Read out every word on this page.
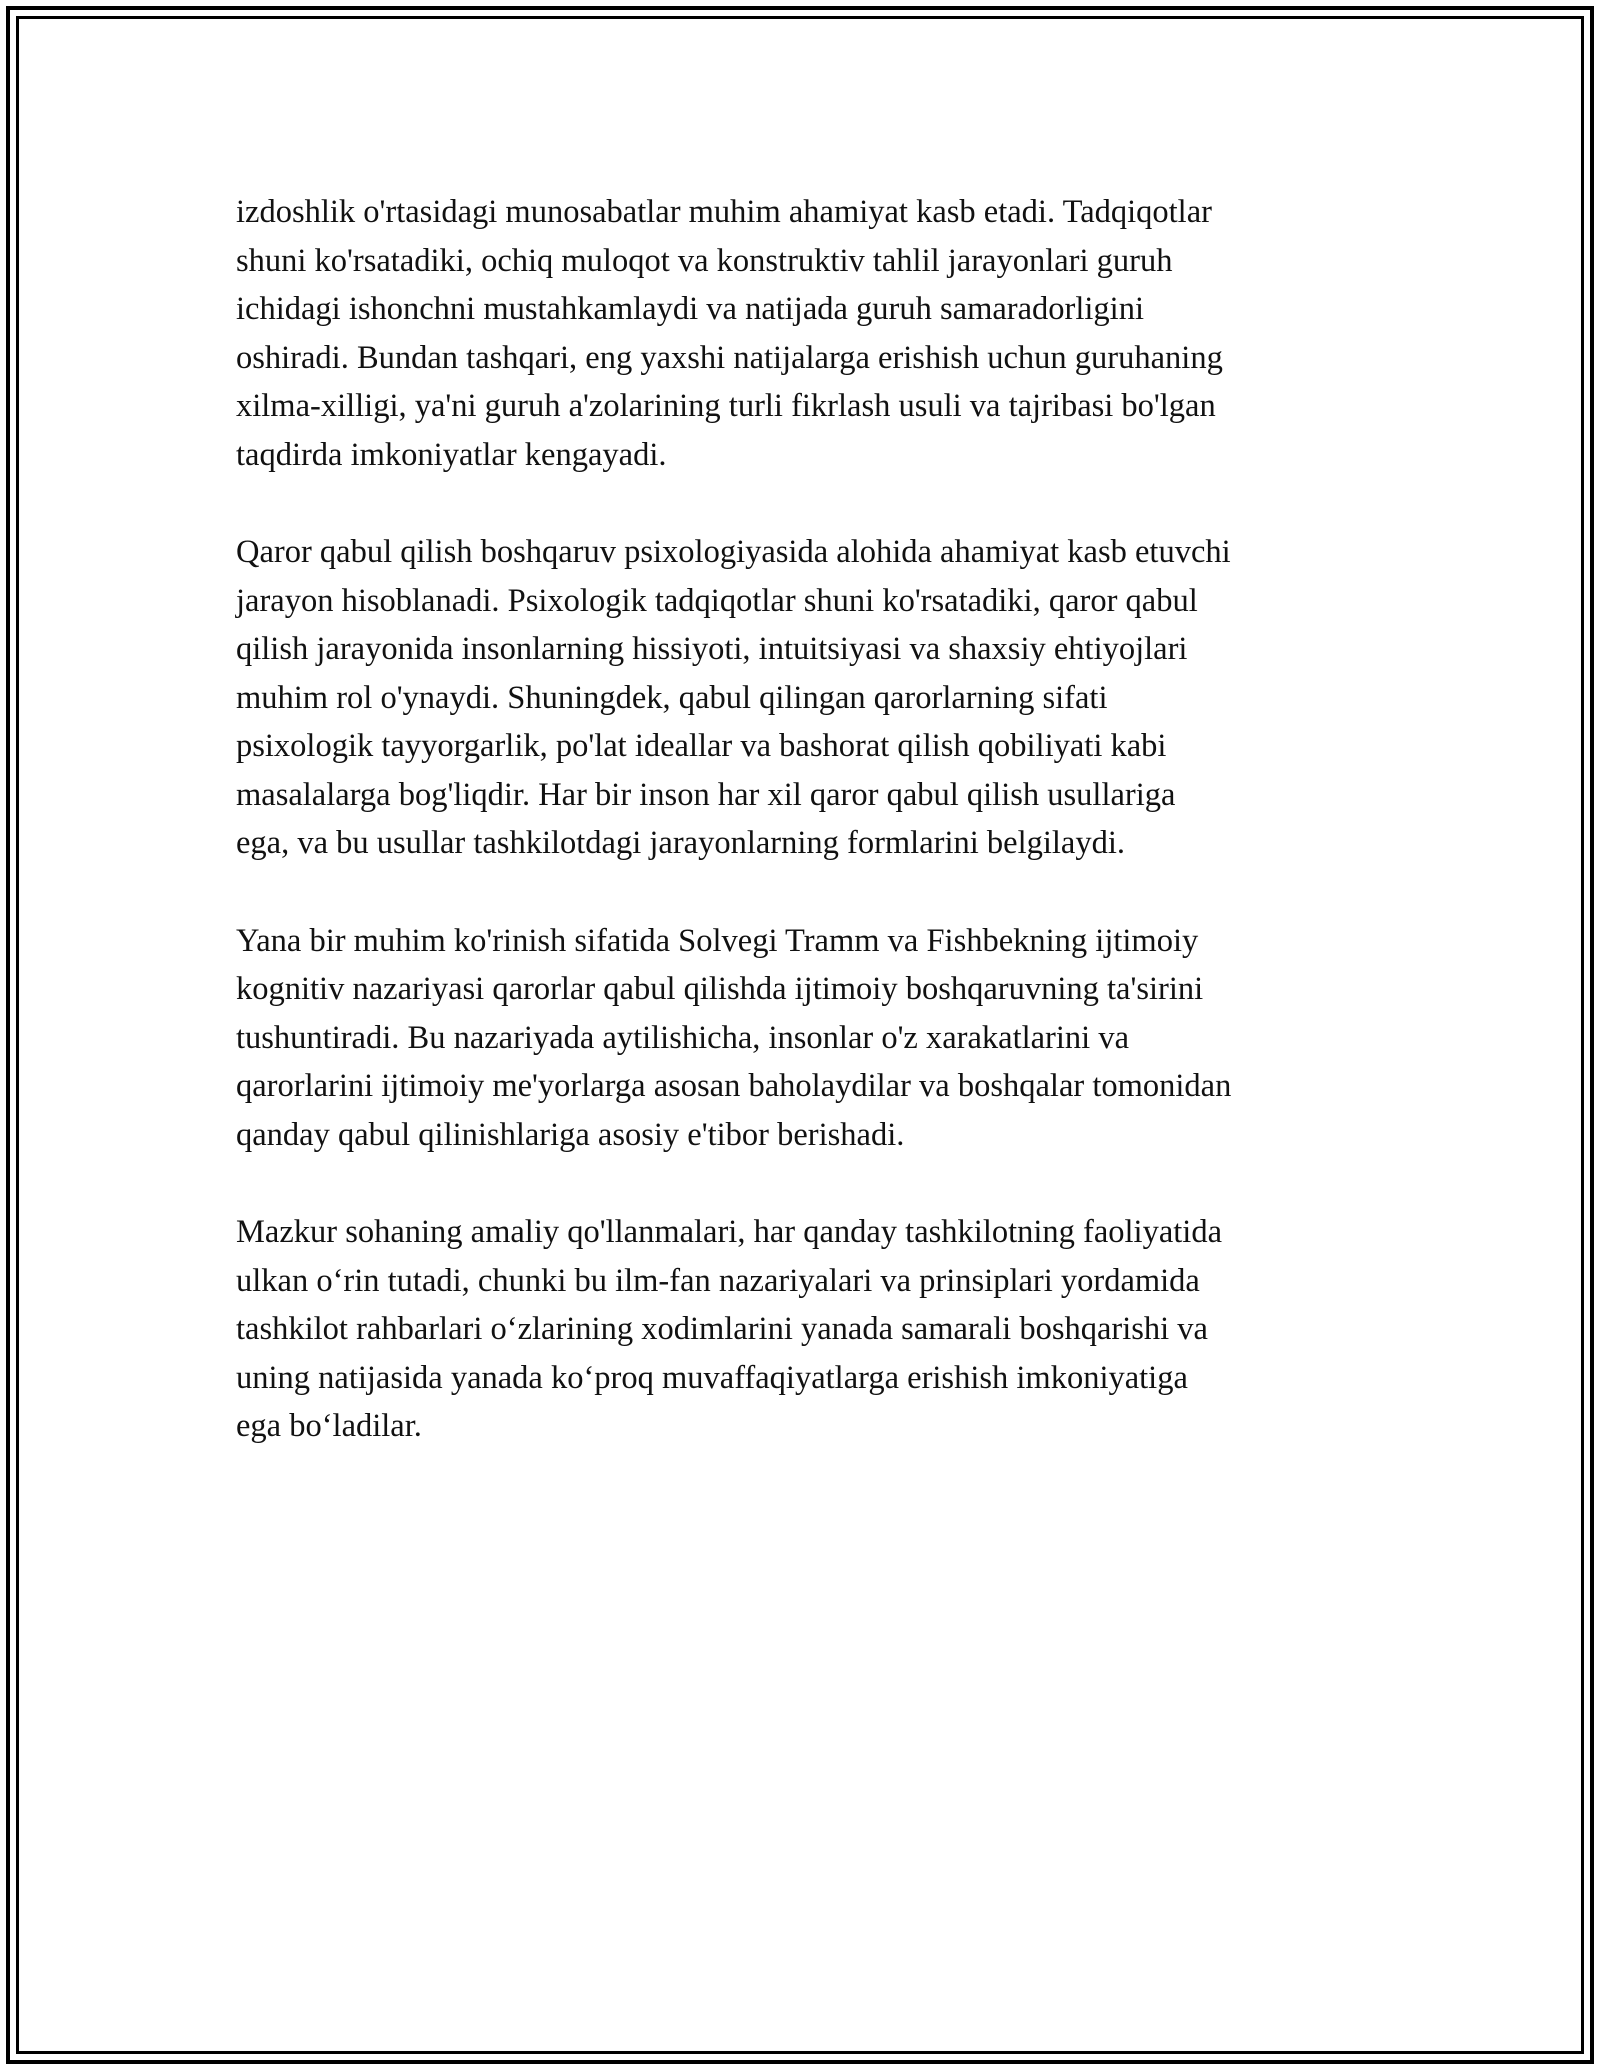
izdoshlik o'rtasidagi munosabatlar muhim ahamiyat kasb etadi. Tadqiqotlar
shuni ko'rsatadiki, ochiq muloqot va konstruktiv tahlil jarayonlari guruh
ichidagi ishonchni mustahkamlaydi va natijada guruh samaradorligini
oshiradi. Bundan tashqari, eng yaxshi natijalarga erishish uchun guruhaning
xilma-xilligi, ya'ni guruh a'zolarining turli fikrlash usuli va tajribasi bo'lgan
taqdirda imkoniyatlar kengayadi.

Qaror qabul qilish boshqaruv psixologiyasida alohida ahamiyat kasb etuvchi
jarayon hisoblanadi. Psixologik tadqiqotlar shuni ko'rsatadiki, qaror qabul
qilish jarayonida insonlarning hissiyoti, intuitsiyasi va shaxsiy ehtiyojlari
muhim rol o'ynaydi. Shuningdek, qabul qilingan qarorlarning sifati
psixologik tayyorgarlik, po'lat ideallar va bashorat qilish qobiliyati kabi
masalalarga bog'liqdir. Har bir inson har xil qaror qabul qilish usullariga
ega, va bu usullar tashkilotdagi jarayonlarning formlarini belgilaydi.

Yana bir muhim ko'rinish sifatida Solvegi Tramm va Fishbekning ijtimoiy
kognitiv nazariyasi qarorlar qabul qilishda ijtimoiy boshqaruvning ta'sirini
tushuntiradi. Bu nazariyada aytilishicha, insonlar o'z xarakatlarini va
qarorlarini ijtimoiy me'yorlarga asosan baholaydilar va boshqalar tomonidan
qanday qabul qilinishlariga asosiy e'tibor berishadi.

Mazkur sohaning amaliy qo'llanmalari, har qanday tashkilotning faoliyatida
ulkan o‘rin tutadi, chunki bu ilm-fan nazariyalari va prinsiplari yordamida
tashkilot rahbarlari o‘zlarining xodimlarini yanada samarali boshqarishi va
uning natijasida yanada ko‘proq muvaffaqiyatlarga erishish imkoniyatiga
ega bo‘ladilar.
